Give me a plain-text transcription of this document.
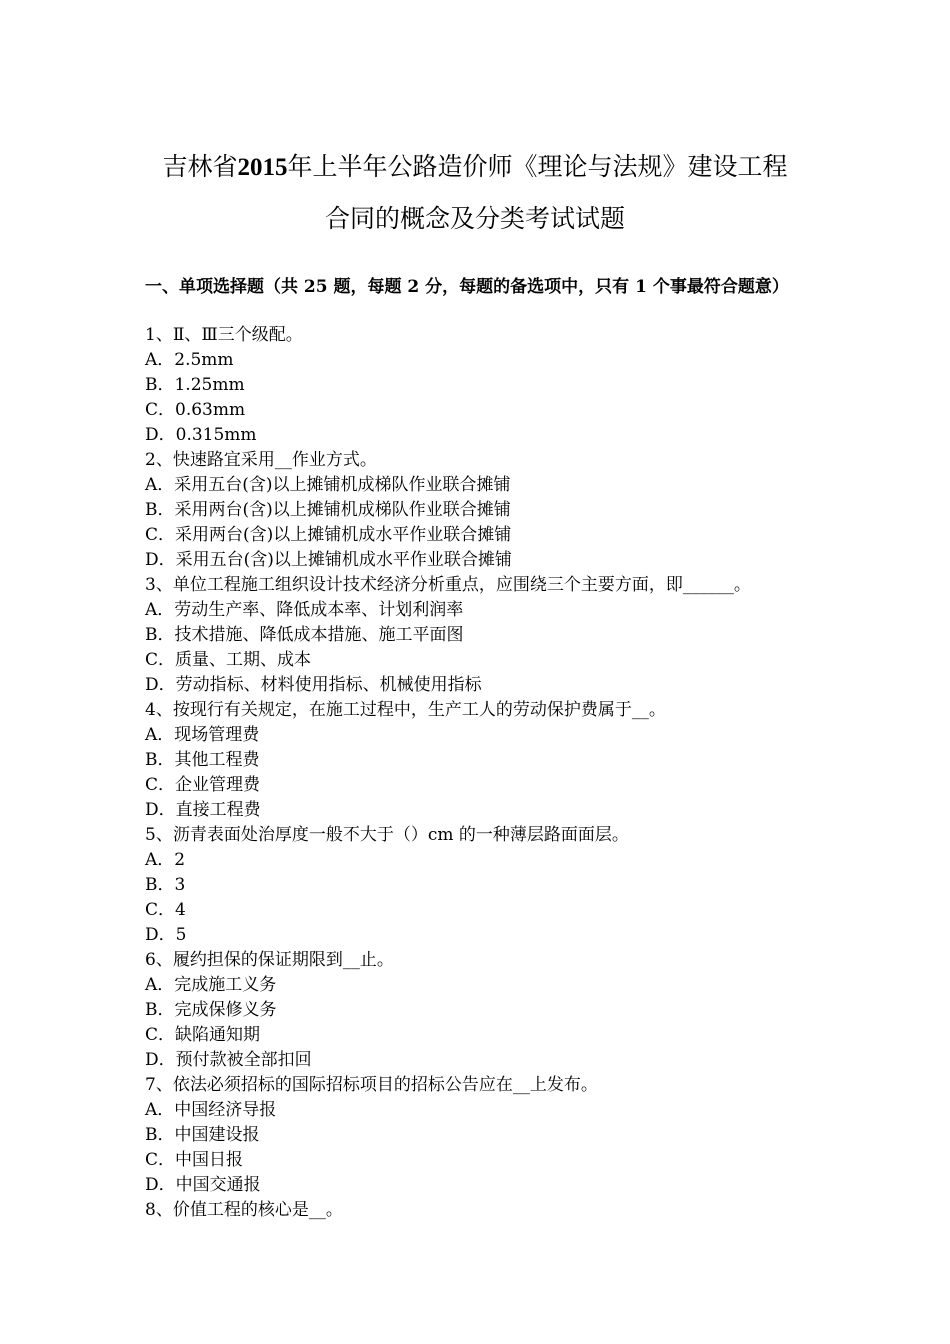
吉林省2015年上半年公路造价师《理论与法规》建设工程
合同的概念及分类考试试题
一、单项选择题（共 25 题，每题 2 分，每题的备选项中，只有 1 个事最符合题意）
1、Ⅱ、Ⅲ三个级配。
A．2.5mm
B．1.25mm
C．0.63mm
D．0.315mm
2、快速路宜采用__作业方式。
A．采用五台(含)以上摊铺机成梯队作业联合摊铺
B．采用两台(含)以上摊铺机成梯队作业联合摊铺
C．采用两台(含)以上摊铺机成水平作业联合摊铺
D．采用五台(含)以上摊铺机成水平作业联合摊铺
3、单位工程施工组织设计技术经济分析重点，应围绕三个主要方面，即______。
A．劳动生产率、降低成本率、计划利润率
B．技术措施、降低成本措施、施工平面图
C．质量、工期、成本
D．劳动指标、材料使用指标、机械使用指标
4、按现行有关规定，在施工过程中，生产工人的劳动保护费属于__。
A．现场管理费
B．其他工程费
C．企业管理费
D．直接工程费
5、沥青表面处治厚度一般不大于（）cm 的一种薄层路面面层。
A．2
B．3
C．4
D．5
6、履约担保的保证期限到__止。
A．完成施工义务
B．完成保修义务
C．缺陷通知期
D．预付款被全部扣回
7、依法必须招标的国际招标项目的招标公告应在__上发布。
A．中国经济导报
B．中国建设报
C．中国日报
D．中国交通报
8、价值工程的核心是__。
